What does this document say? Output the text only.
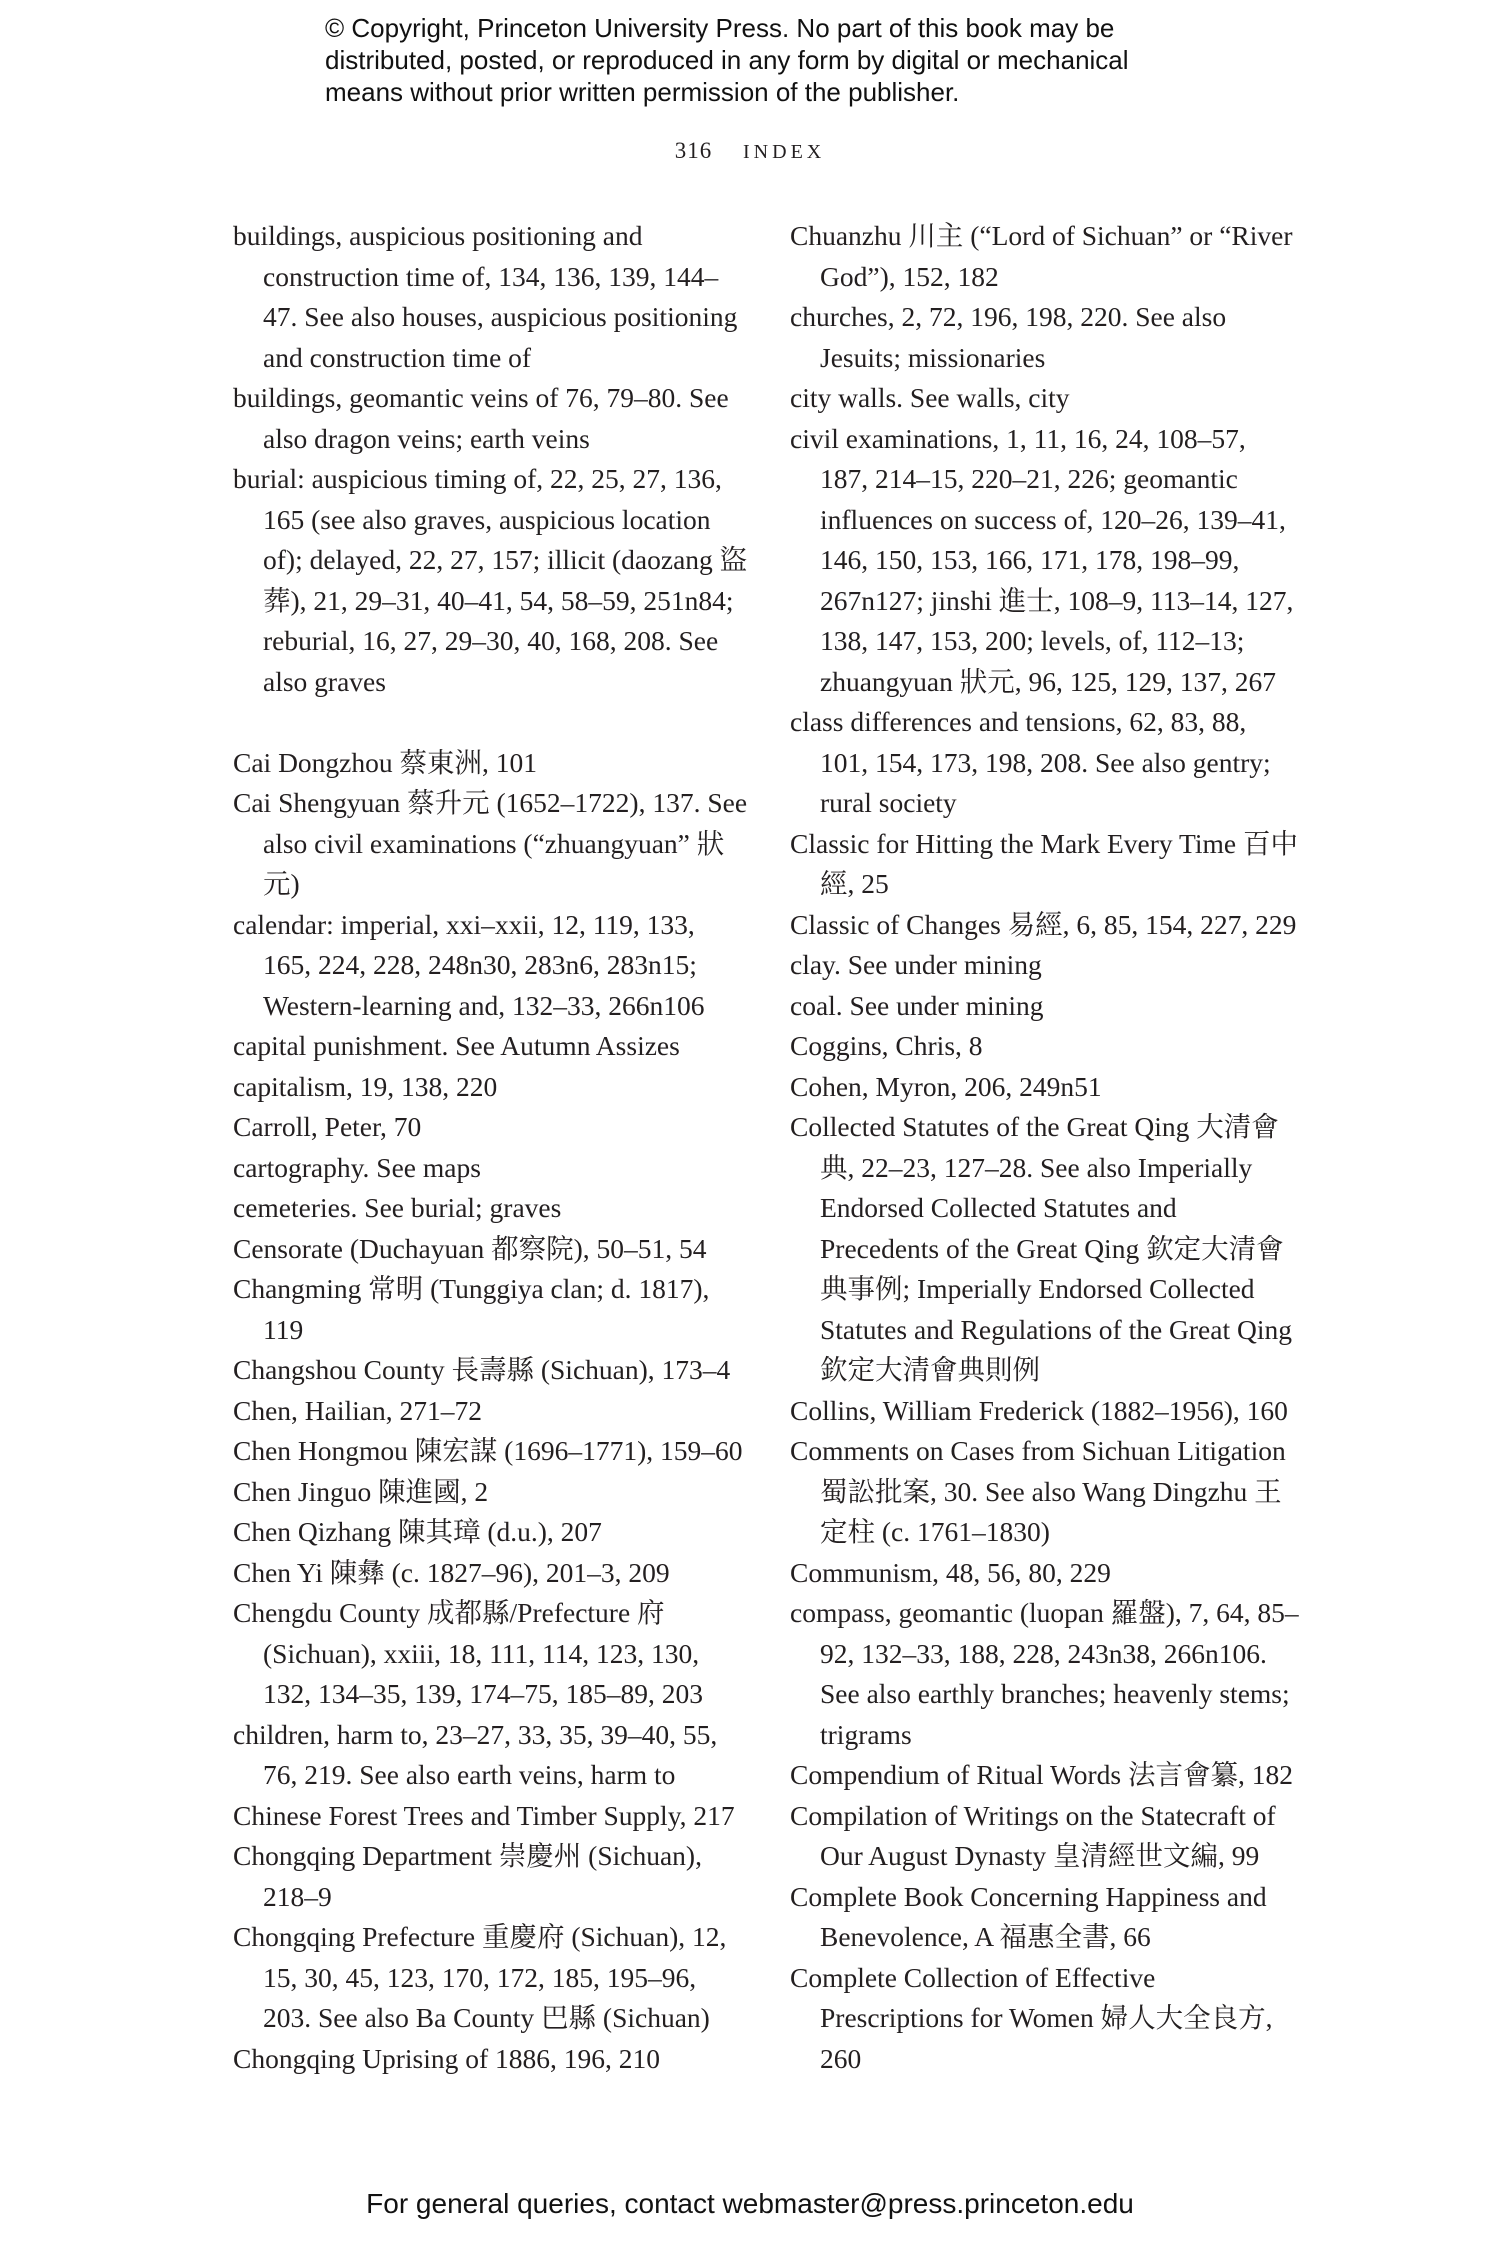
© Copyright, Princeton University Press. No part of this book may be
distributed, posted, or reproduced in any form by digital or mechanical
means without prior written permission of the publisher.
316 INDEX

buildings, auspicious positioning and construction time of, 134, 136, 139, 144–47. See also houses, auspicious positioning and construction time of

buildings, geomantic veins of 76, 79–80. See also dragon veins; earth veins

burial: auspicious timing of, 22, 25, 27, 136, 165 (see also graves, auspicious location of); delayed, 22, 27, 157; illicit (daozang 盜葬), 21, 29–31, 40–41, 54, 58–59, 251n84; reburial, 16, 27, 29–30, 40, 168, 208. See also graves

Cai Dongzhou 蔡東洲, 101

Cai Shengyuan 蔡升元 (1652–1722), 137. See also civil examinations (“zhuangyuan” 狀元)

calendar: imperial, xxi–xxii, 12, 119, 133, 165, 224, 228, 248n30, 283n6, 283n15; Western-learning and, 132–33, 266n106

capital punishment. See Autumn Assizes

capitalism, 19, 138, 220

Carroll, Peter, 70

cartography. See maps

cemeteries. See burial; graves

Censorate (Duchayuan 都察院), 50–51, 54

Changming 常明 (Tunggiya clan; d. 1817), 119

Changshou County 長壽縣 (Sichuan), 173–4

Chen, Hailian, 271–72

Chen Hongmou 陳宏謀 (1696–1771), 159–60

Chen Jinguo 陳進國, 2

Chen Qizhang 陳其璋 (d.u.), 207

Chen Yi 陳彝 (c. 1827–96), 201–3, 209

Chengdu County 成都縣/Prefecture 府 (Sichuan), xxiii, 18, 111, 114, 123, 130, 132, 134–35, 139, 174–75, 185–89, 203

children, harm to, 23–27, 33, 35, 39–40, 55, 76, 219. See also earth veins, harm to

Chinese Forest Trees and Timber Supply, 217

Chongqing Department 崇慶州 (Sichuan), 218–9

Chongqing Prefecture 重慶府 (Sichuan), 12, 15, 30, 45, 123, 170, 172, 185, 195–96, 203. See also Ba County 巴縣 (Sichuan)

Chongqing Uprising of 1886, 196, 210

Chuanzhu 川主 (“Lord of Sichuan” or “River God”), 152, 182

churches, 2, 72, 196, 198, 220. See also Jesuits; missionaries

city walls. See walls, city

civil examinations, 1, 11, 16, 24, 108–57, 187, 214–15, 220–21, 226; geomantic influences on success of, 120–26, 139–41, 146, 150, 153, 166, 171, 178, 198–99, 267n127; jinshi 進士, 108–9, 113–14, 127, 138, 147, 153, 200; levels, of, 112–13; zhuangyuan 狀元, 96, 125, 129, 137, 267

class differences and tensions, 62, 83, 88, 101, 154, 173, 198, 208. See also gentry; rural society

Classic for Hitting the Mark Every Time 百中經, 25

Classic of Changes 易經, 6, 85, 154, 227, 229

clay. See under mining

coal. See under mining

Coggins, Chris, 8

Cohen, Myron, 206, 249n51

Collected Statutes of the Great Qing 大清會典, 22–23, 127–28. See also Imperially Endorsed Collected Statutes and Precedents of the Great Qing 欽定大清會典事例; Imperially Endorsed Collected Statutes and Regulations of the Great Qing 欽定大清會典則例

Collins, William Frederick (1882–1956), 160

Comments on Cases from Sichuan Litigation 蜀訟批案, 30. See also Wang Dingzhu 王定柱 (c. 1761–1830)

Communism, 48, 56, 80, 229

compass, geomantic (luopan 羅盤), 7, 64, 85–92, 132–33, 188, 228, 243n38, 266n106. See also earthly branches; heavenly stems; trigrams

Compendium of Ritual Words 法言會纂, 182

Compilation of Writings on the Statecraft of Our August Dynasty 皇清經世文編, 99

Complete Book Concerning Happiness and Benevolence, A 福惠全書, 66

Complete Collection of Effective Prescriptions for Women 婦人大全良方, 260

For general queries, contact webmaster@press.princeton.edu
